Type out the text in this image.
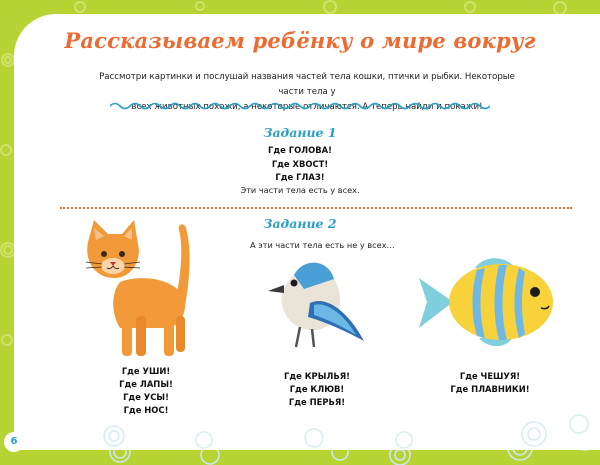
Рассказываем ребёнку о мире вокруг
Рассмотри картинки и послушай названия частей тела кошки, птички и рыбки. Некоторые части тела у
всех животных похожи, а некоторые отличаются. А теперь найди и покажи!
Задание 1
Где ГОЛОВА!
Где ХВОСТ!
Где ГЛАЗ!
Эти части тела есть у всех.
Задание 2
А эти части тела есть не у всех…
Где УШИ!
Где ЛАПЫ!
Где УСЫ!
Где НОС!
Где КРЫЛЬЯ!
Где КЛЮВ!
Где ПЕРЬЯ!
Где ЧЕШУЯ!
Где ПЛАВНИКИ!
6
